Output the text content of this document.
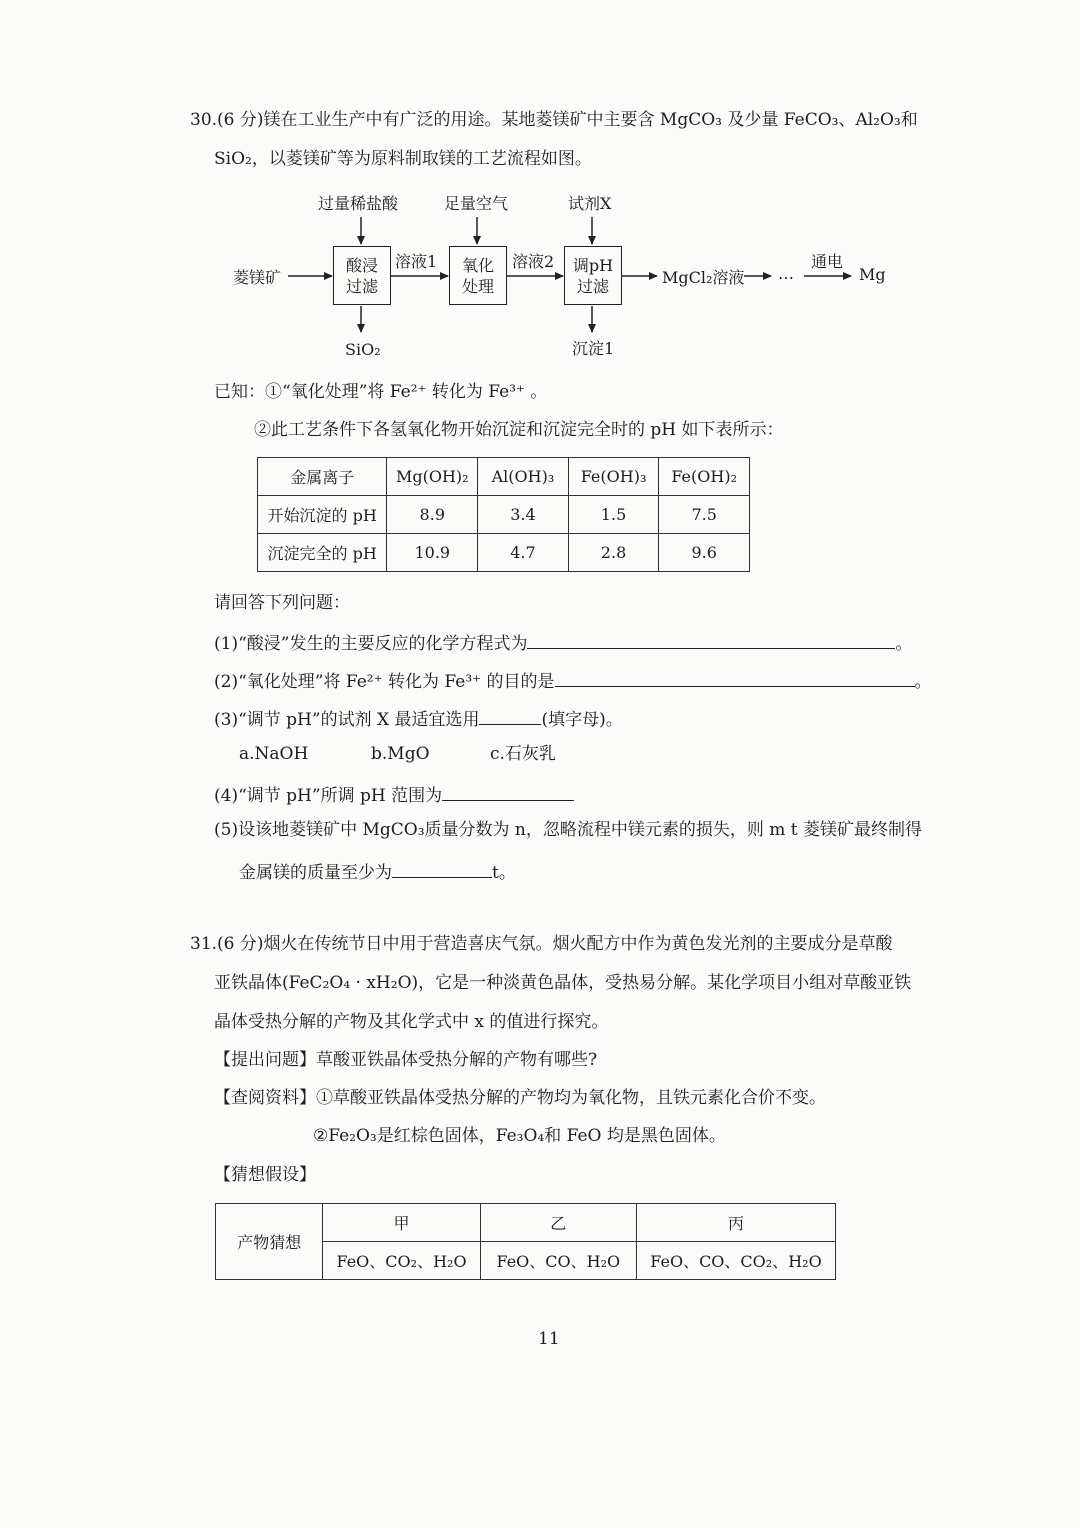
30.(6 分)镁在工业生产中有广泛的用途。某地菱镁矿中主要含 MgCO₃ 及少量 FeCO₃、Al₂O₃和
SiO₂，以菱镁矿等为原料制取镁的工艺流程如图。
过量稀盐酸	足量空气	试剂X
菱镁矿
酸浸
过滤
溶液1 氧化
处理
溶液2 调pH
过滤	MgCl₂溶液 …
通电
Mg
SiO₂	沉淀1
已知：①“氧化处理”将 Fe²⁺ 转化为 Fe³⁺ 。
②此工艺条件下各氢氧化物开始沉淀和沉淀完全时的 pH 如下表所示：
金属离子	Mg(OH)₂	Al(OH)₃	Fe(OH)₃	Fe(OH)₂
开始沉淀的 pH	8.9	3.4	1.5	7.5
沉淀完全的 pH	10.9	4.7	2.8	9.6
请回答下列问题：
(1)“酸浸”发生的主要反应的化学方程式为	。
(2)“氧化处理”将 Fe²⁺ 转化为 Fe³⁺ 的目的是	。
(3)“调节 pH”的试剂 X 最适宜选用	(填字母)。
a.NaOH	b.MgO	c.石灰乳
(4)“调节 pH”所调 pH 范围为
(5)设该地菱镁矿中 MgCO₃质量分数为 n，忽略流程中镁元素的损失，则 m t 菱镁矿最终制得
金属镁的质量至少为	t。
31.(6 分)烟火在传统节日中用于营造喜庆气氛。烟火配方中作为黄色发光剂的主要成分是草酸
亚铁晶体(FeC₂O₄ · xH₂O)，它是一种淡黄色晶体，受热易分解。某化学项目小组对草酸亚铁
晶体受热分解的产物及其化学式中 x 的值进行探究。
【提出问题】草酸亚铁晶体受热分解的产物有哪些?
【查阅资料】①草酸亚铁晶体受热分解的产物均为氧化物，且铁元素化合价不变。
②Fe₂O₃是红棕色固体，Fe₃O₄和 FeO 均是黑色固体。
【猜想假设】
产物猜想	甲	乙	丙
	FeO、CO₂、H₂O	FeO、CO、H₂O	FeO、CO、CO₂、H₂O
11
